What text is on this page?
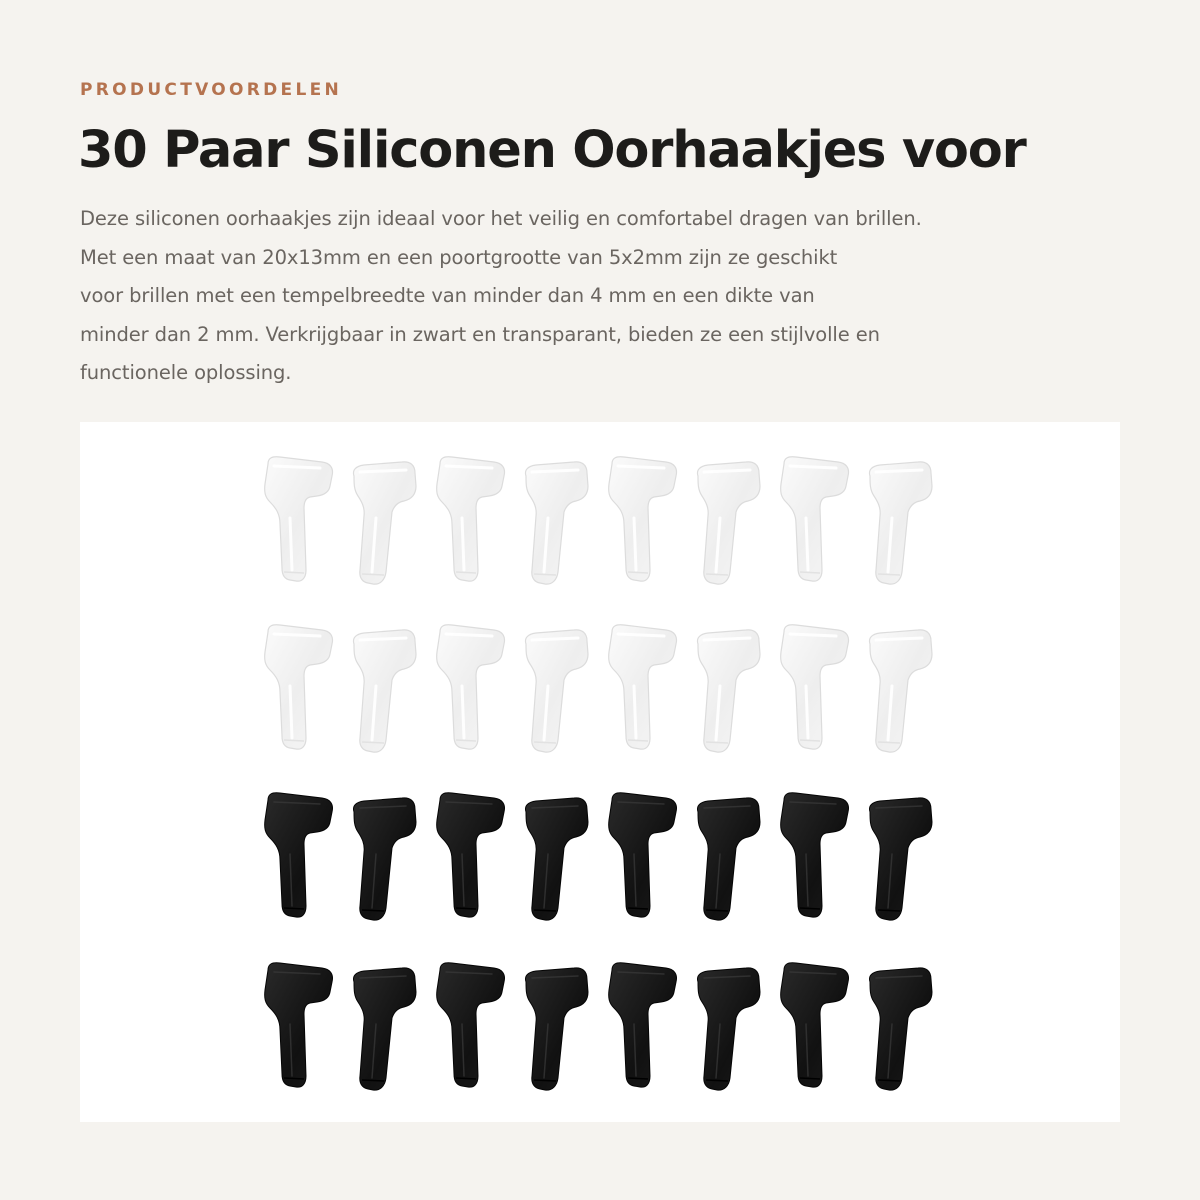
PRODUCTVOORDELEN
30 Paar Siliconen Oorhaakjes voor

Deze siliconen oorhaakjes zijn ideaal voor het veilig en comfortabel dragen van brillen.
Met een maat van 20x13mm en een poortgrootte van 5x2mm zijn ze geschikt
voor brillen met een tempelbreedte van minder dan 4 mm en een dikte van
minder dan 2 mm. Verkrijgbaar in zwart en transparant, bieden ze een stijlvolle en
functionele oplossing.
